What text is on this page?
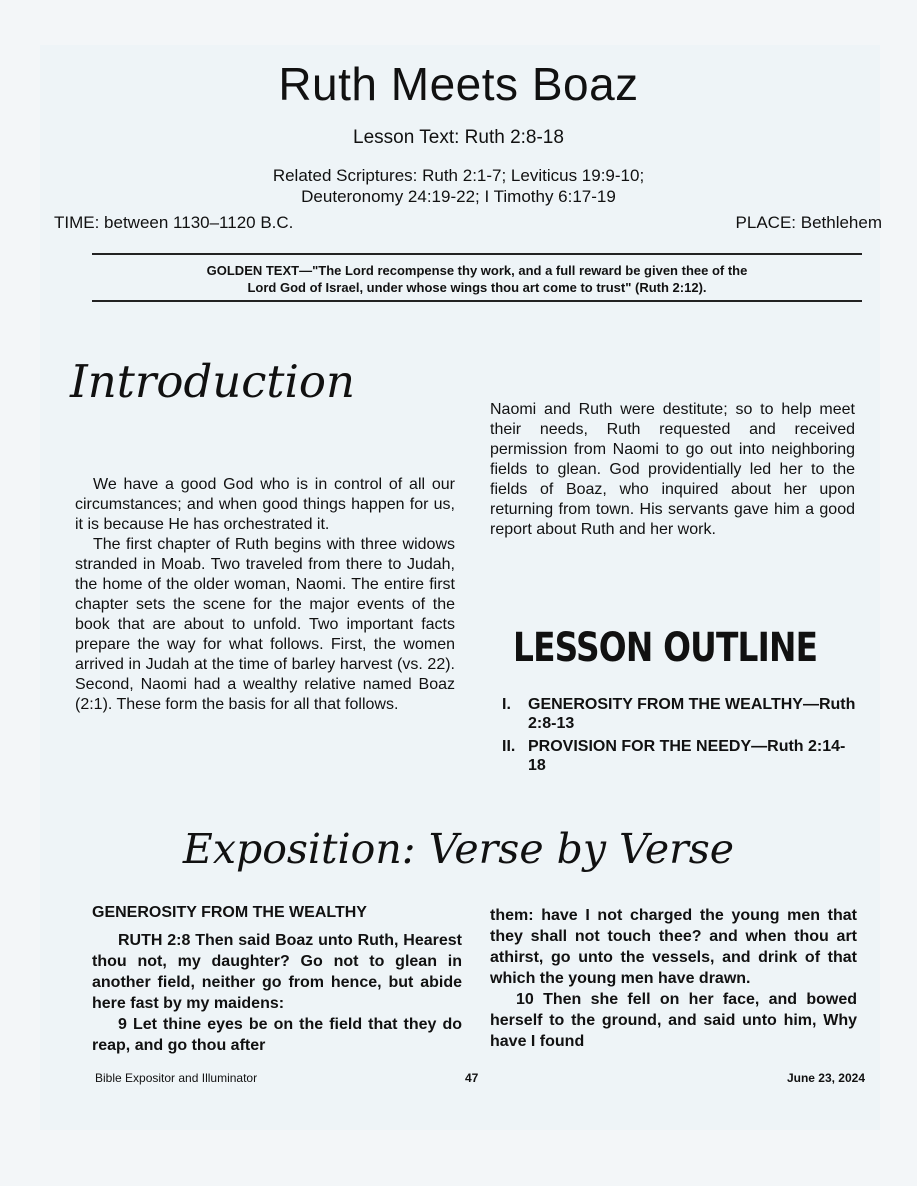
Ruth Meets Boaz
Lesson Text: Ruth 2:8-18
Related Scriptures: Ruth 2:1-7; Leviticus 19:9-10;
Deuteronomy 24:19-22; I Timothy 6:17-19
TIME: between 1130–1120 B.C.	PLACE: Bethlehem
GOLDEN TEXT—"The Lord recompense thy work, and a full reward be given thee of the
Lord God of Israel, under whose wings thou art come to trust" (Ruth 2:12).
Introduction

We have a good God who is in control of all our circumstances; and when good things happen for us, it is because He has orchestrated it.

The first chapter of Ruth begins with three widows stranded in Moab. Two traveled from there to Judah, the home of the older woman, Naomi. The entire first chapter sets the scene for the major events of the book that are about to unfold. Two important facts prepare the way for what follows. First, the women arrived in Judah at the time of barley harvest (vs. 22). Second, Naomi had a wealthy relative named Boaz (2:1). These form the basis for all that follows.

Naomi and Ruth were destitute; so to help meet their needs, Ruth requested and received permission from Naomi to go out into neighboring fields to glean. God providentially led her to the fields of Boaz, who inquired about her upon returning from town. His servants gave him a good report about Ruth and her work.

LESSON OUTLINE
I. GENEROSITY FROM THE WEALTHY—Ruth 2:8-13
II. PROVISION FOR THE NEEDY—Ruth 2:14-18
Exposition: Verse by Verse
GENEROSITY FROM THE WEALTHY

RUTH 2:8 Then said Boaz unto Ruth, Hearest thou not, my daughter? Go not to glean in another field, neither go from hence, but abide here fast by my maidens:

9 Let thine eyes be on the field that they do reap, and go thou after

them: have I not charged the young men that they shall not touch thee? and when thou art athirst, go unto the vessels, and drink of that which the young men have drawn.

10 Then she fell on her face, and bowed herself to the ground, and said unto him, Why have I found

Bible Expositor and Illuminator	47	June 23, 2024
